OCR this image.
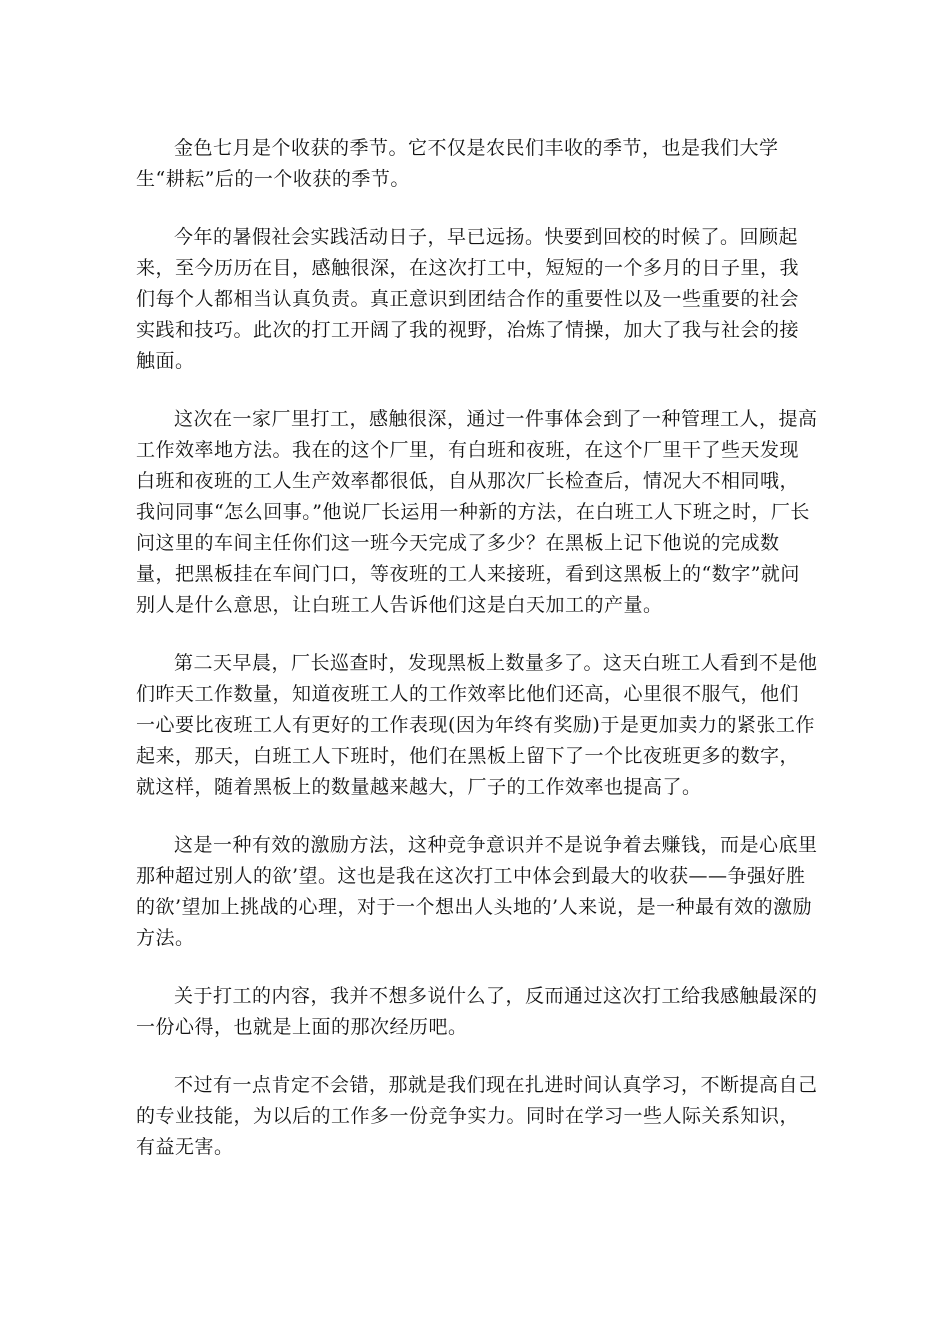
金色七月是个收获的季节。它不仅是农民们丰收的季节，也是我们大学生“耕耘”后的一个收获的季节。

今年的暑假社会实践活动日子，早已远扬。快要到回校的时候了。回顾起来，至今历历在目，感触很深，在这次打工中，短短的一个多月的日子里，我们每个人都相当认真负责。真正意识到团结合作的重要性以及一些重要的社会实践和技巧。此次的打工开阔了我的视野，冶炼了情操，加大了我与社会的接触面。

这次在一家厂里打工，感触很深，通过一件事体会到了一种管理工人，提高工作效率地方法。我在的这个厂里，有白班和夜班，在这个厂里干了些天发现白班和夜班的工人生产效率都很低，自从那次厂长检查后，情况大不相同哦，我问同事“怎么回事。”他说厂长运用一种新的方法，在白班工人下班之时，厂长问这里的车间主任你们这一班今天完成了多少？在黑板上记下他说的完成数量，把黑板挂在车间门口，等夜班的工人来接班，看到这黑板上的“数字”就问别人是什么意思，让白班工人告诉他们这是白天加工的产量。

第二天早晨，厂长巡查时，发现黑板上数量多了。这天白班工人看到不是他们昨天工作数量，知道夜班工人的工作效率比他们还高，心里很不服气，他们一心要比夜班工人有更好的工作表现(因为年终有奖励)于是更加卖力的紧张工作起来，那天，白班工人下班时，他们在黑板上留下了一个比夜班更多的数字，就这样，随着黑板上的数量越来越大，厂子的工作效率也提高了。

这是一种有效的激励方法，这种竞争意识并不是说争着去赚钱，而是心底里那种超过别人的欲’望。这也是我在这次打工中体会到最大的收获——争强好胜的欲’望加上挑战的心理，对于一个想出人头地的’人来说，是一种最有效的激励方法。

关于打工的内容，我并不想多说什么了，反而通过这次打工给我感触最深的一份心得，也就是上面的那次经历吧。

不过有一点肯定不会错，那就是我们现在扎进时间认真学习，不断提高自己的专业技能，为以后的工作多一份竞争实力。同时在学习一些人际关系知识，有益无害。
